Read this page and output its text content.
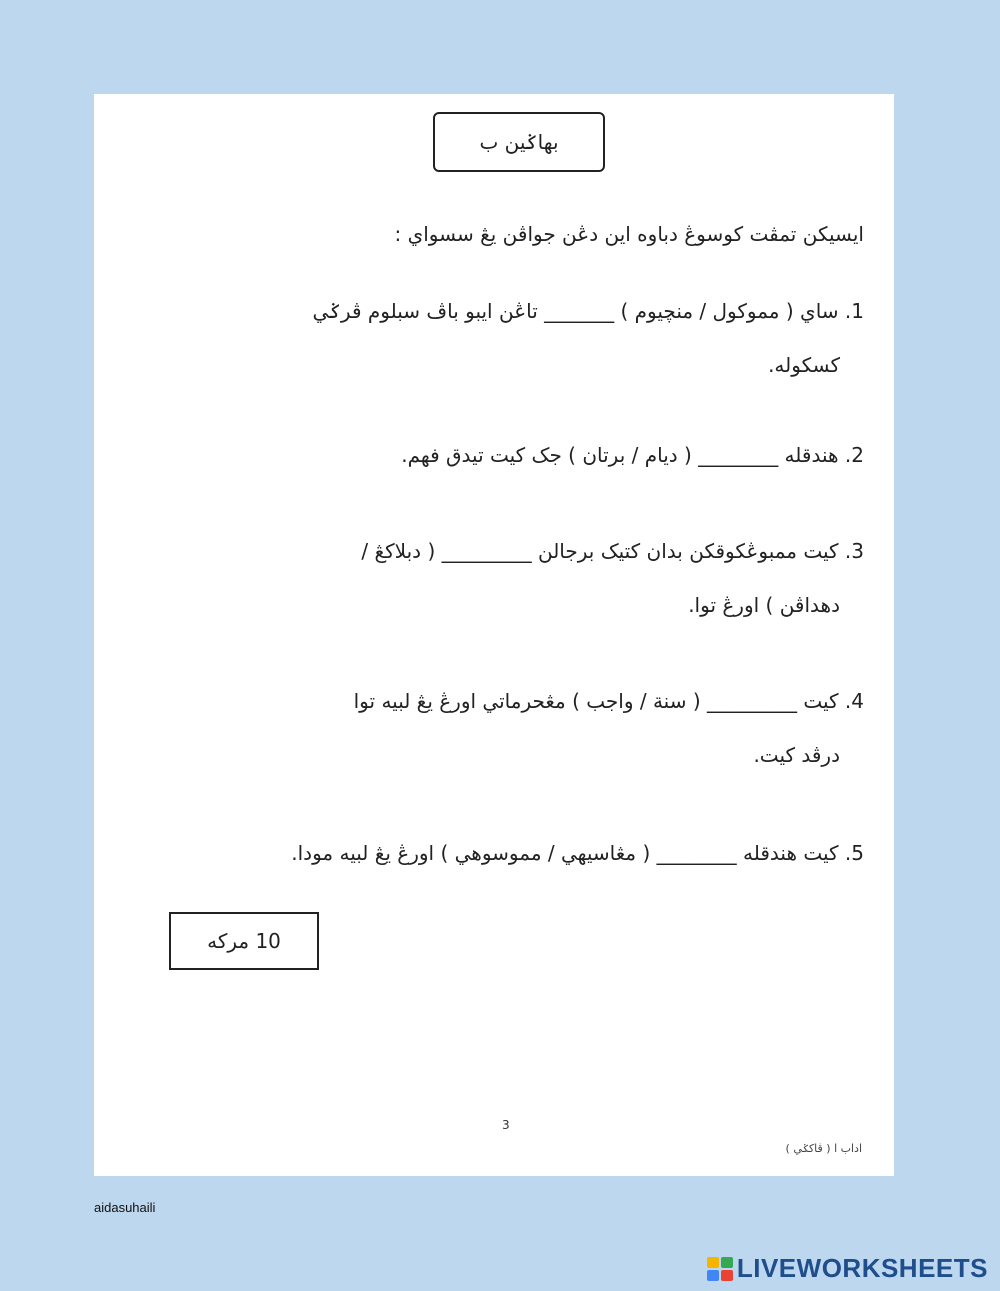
بهاݢين ب
ايسيکن تمڤت کوسوڠ دباوه اين دڠن جواڤن يڠ سسواي :
1. ساي ( مموکول / منچيوم ) _______ تاڠن ايبو باڤ سبلوم ڤرݢي
کسکوله.
2. هندقله ________ ( ديام / برتان ) جک کيت تيدق فهم.
3. کيت ممبوڠکوقکن بدان کتيک برجالن _________ ( دبلاکڠ /
دهداڤن ) اورڠ توا.
4. کيت _________ ( سنة / واجب ) مڠحرماتي اورڠ يڠ لبيه توا
درڤد کيت.
5. کيت هندقله ________ ( مڠاسيهي / مموسوهي ) اورڠ يڠ لبيه مودا.
10 مرکه
3
اداب ا ( ڤاکݢي )
aidasuhaili
LIVEWORKSHEETS
